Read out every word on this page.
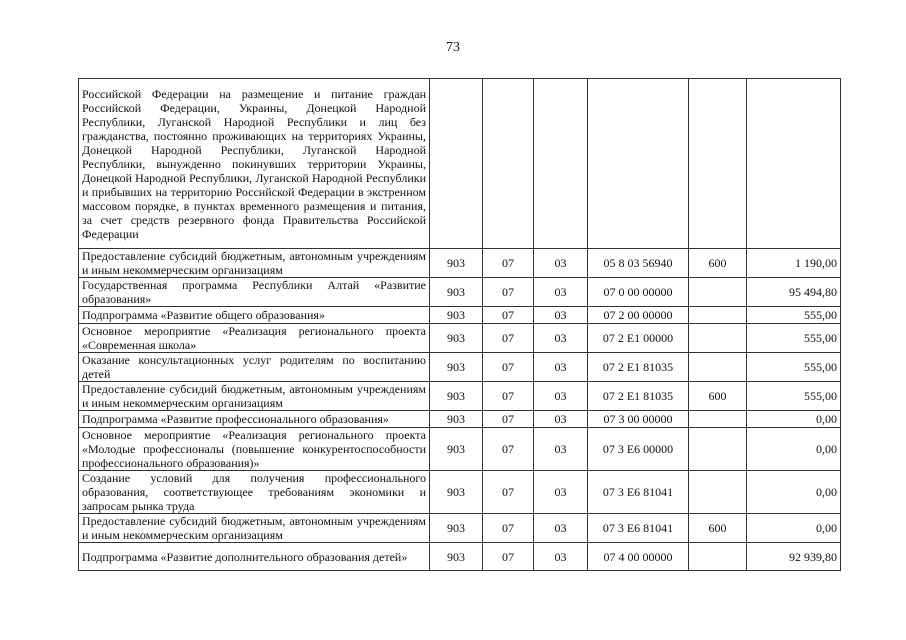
73
Российской Федерации на размещение и питание граждан Российской Федерации, Украины, Донецкой Народной Республики, Луганской Народной Республики и лиц без гражданства, постоянно проживающих на территориях Украины, Донецкой Народной Республики, Луганской Народной Республики, вынужденно покинувших территории Украины, Донецкой Народной Республики, Луганской Народной Республики и прибывших на территорию Российской Федерации в экстренном массовом порядке, в пунктах временного размещения и питания, за счет средств резервного фонда Правительства Российской Федерации						
Предоставление субсидий бюджетным, автономным учреждениям и иным некоммерческим организациям	903	07	03	05 8 03 56940	600	1 190,00
Государственная программа Республики Алтай «Развитие образования»	903	07	03	07 0 00 00000		95 494,80
Подпрограмма «Развитие общего образования»	903	07	03	07 2 00 00000		555,00
Основное мероприятие «Реализация регионального проекта «Современная школа»	903	07	03	07 2 E1 00000		555,00
Оказание консультационных услуг родителям по воспитанию детей	903	07	03	07 2 E1 81035		555,00
Предоставление субсидий бюджетным, автономным учреждениям и иным некоммерческим организациям	903	07	03	07 2 E1 81035	600	555,00
Подпрограмма «Развитие профессионального образования»	903	07	03	07 3 00 00000		0,00
Основное мероприятие «Реализация регионального проекта «Молодые профессионалы (повышение конкурентоспособности профессионального образования)»	903	07	03	07 3 E6 00000		0,00
Создание условий для получения профессионального образования, соответствующее требованиям экономики и запросам рынка труда	903	07	03	07 3 E6 81041		0,00
Предоставление субсидий бюджетным, автономным учреждениям и иным некоммерческим организациям	903	07	03	07 3 E6 81041	600	0,00
Подпрограмма «Развитие дополнительного образования детей»	903	07	03	07 4 00 00000		92 939,80
